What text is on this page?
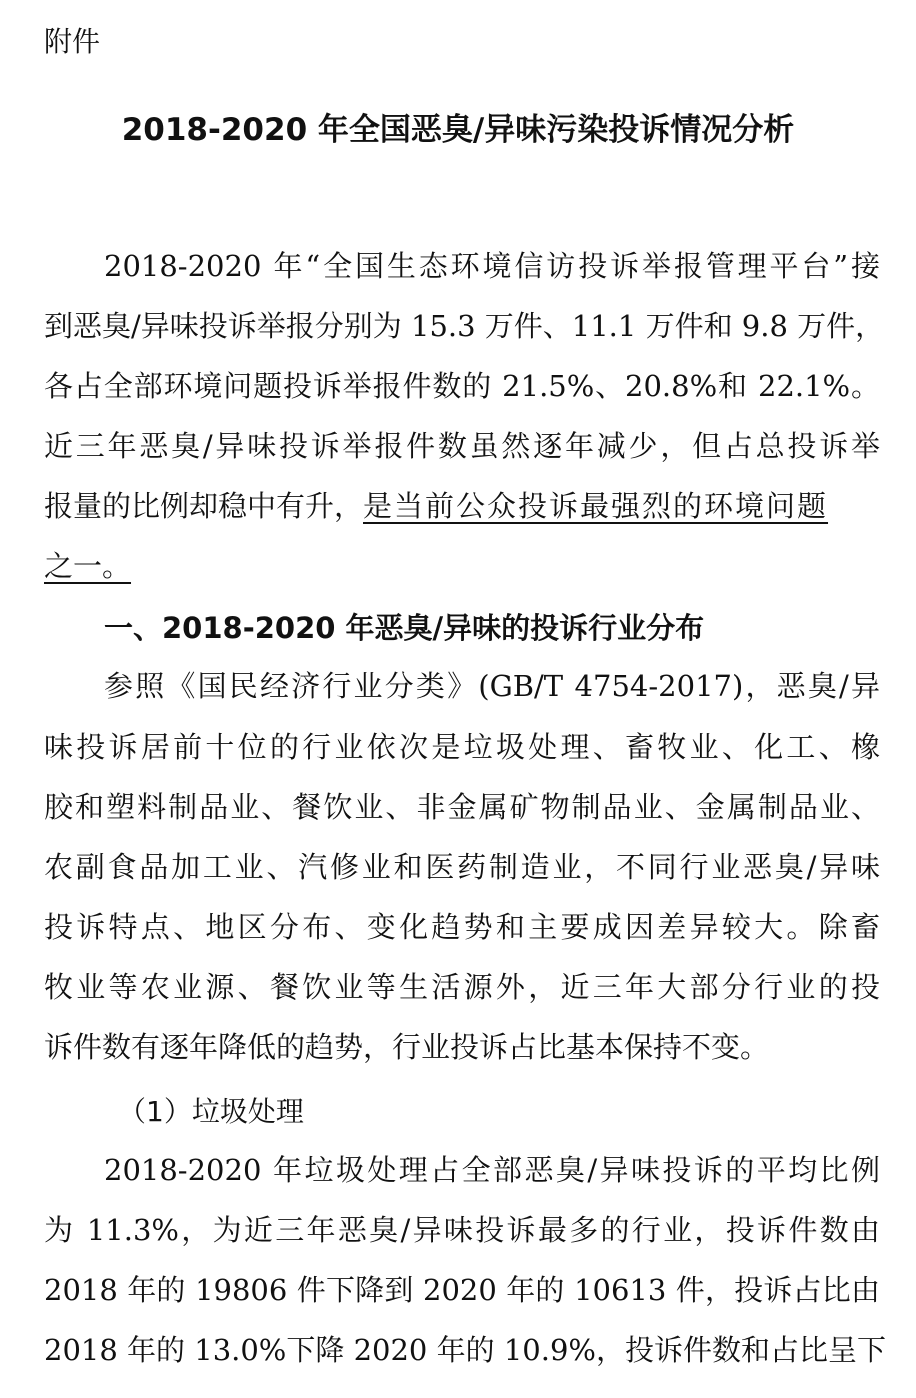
附件
2018-2020 年全国恶臭/异味污染投诉情况分析
2018-2020 年“全国生态环境信访投诉举报管理平台”接
到恶臭/异味投诉举报分别为 15.3 万件、11.1 万件和 9.8 万件，
各占全部环境问题投诉举报件数的 21.5%、20.8%和 22.1%。
近三年恶臭/异味投诉举报件数虽然逐年减少，但占总投诉举
报量的比例却稳中有升，是当前公众投诉最强烈的环境问题
之一。
一、2018-2020 年恶臭/异味的投诉行业分布
参照《国民经济行业分类》(GB/T 4754-2017)，恶臭/异
味投诉居前十位的行业依次是垃圾处理、畜牧业、化工、橡
胶和塑料制品业、餐饮业、非金属矿物制品业、金属制品业、
农副食品加工业、汽修业和医药制造业，不同行业恶臭/异味
投诉特点、地区分布、变化趋势和主要成因差异较大。除畜
牧业等农业源、餐饮业等生活源外，近三年大部分行业的投
诉件数有逐年降低的趋势，行业投诉占比基本保持不变。
（1）垃圾处理
2018-2020 年垃圾处理占全部恶臭/异味投诉的平均比例
为 11.3%，为近三年恶臭/异味投诉最多的行业，投诉件数由
2018 年的 19806 件下降到 2020 年的 10613 件，投诉占比由
2018 年的 13.0%下降 2020 年的 10.9%，投诉件数和占比呈下
